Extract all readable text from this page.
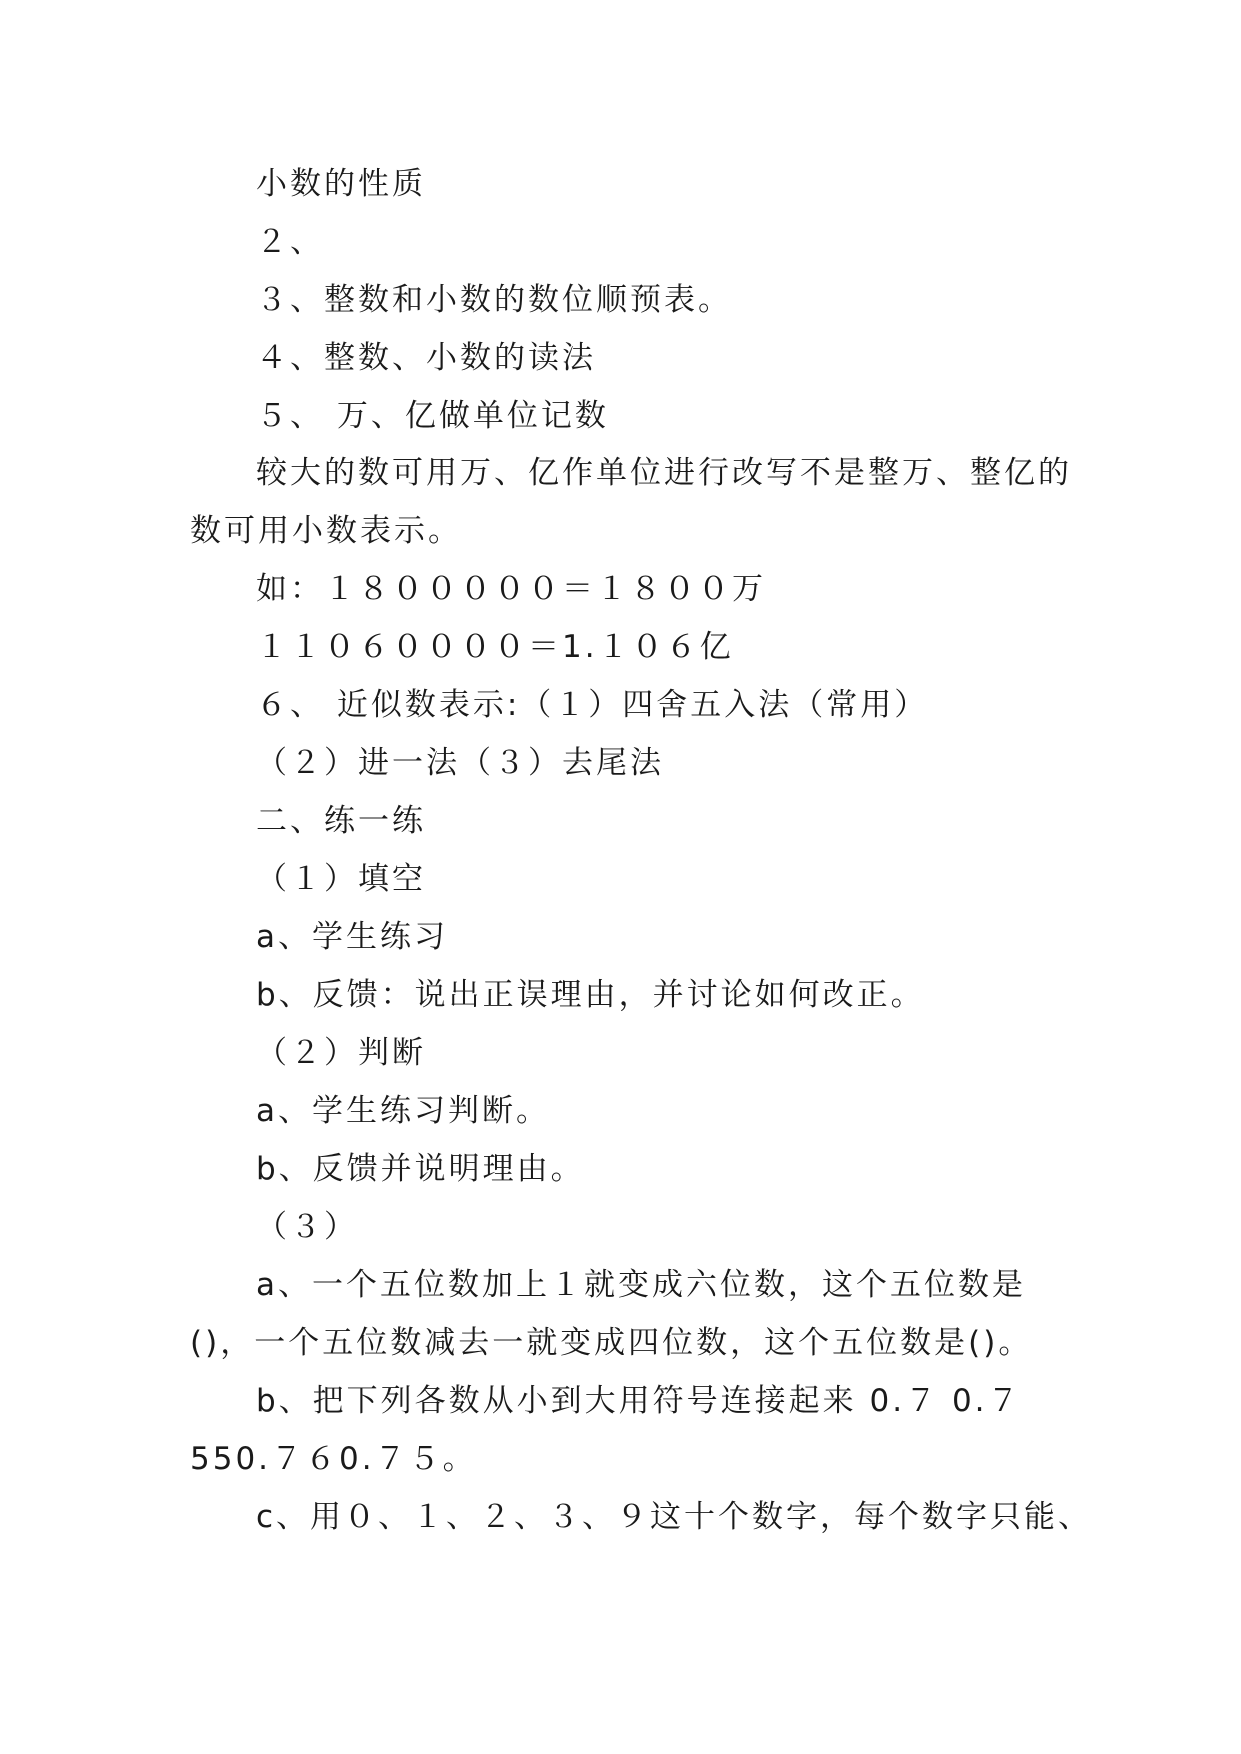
小数的性质
２、
３、整数和小数的数位顺预表。
４、整数、小数的读法
５、 万、亿做单位记数
较大的数可用万、亿作单位进行改写不是整万、整亿的
数可用小数表示。
如：１８０００００＝１８００万
１１０６００００＝1.１０６亿
６、 近似数表示:（１）四舍五入法（常用）
（２）进一法（３）去尾法
二、练一练
（１）填空
a、学生练习
b、反馈：说出正误理由，并讨论如何改正。
（２）判断
a、学生练习判断。
b、反馈并说明理由。
（３）
a、一个五位数加上１就变成六位数，这个五位数是
()，一个五位数减去一就变成四位数，这个五位数是()。
b、把下列各数从小到大用符号连接起来 0.７ 0.７
550.７６0.７５。
c、用０、１、２、３、９这十个数字，每个数字只能、
